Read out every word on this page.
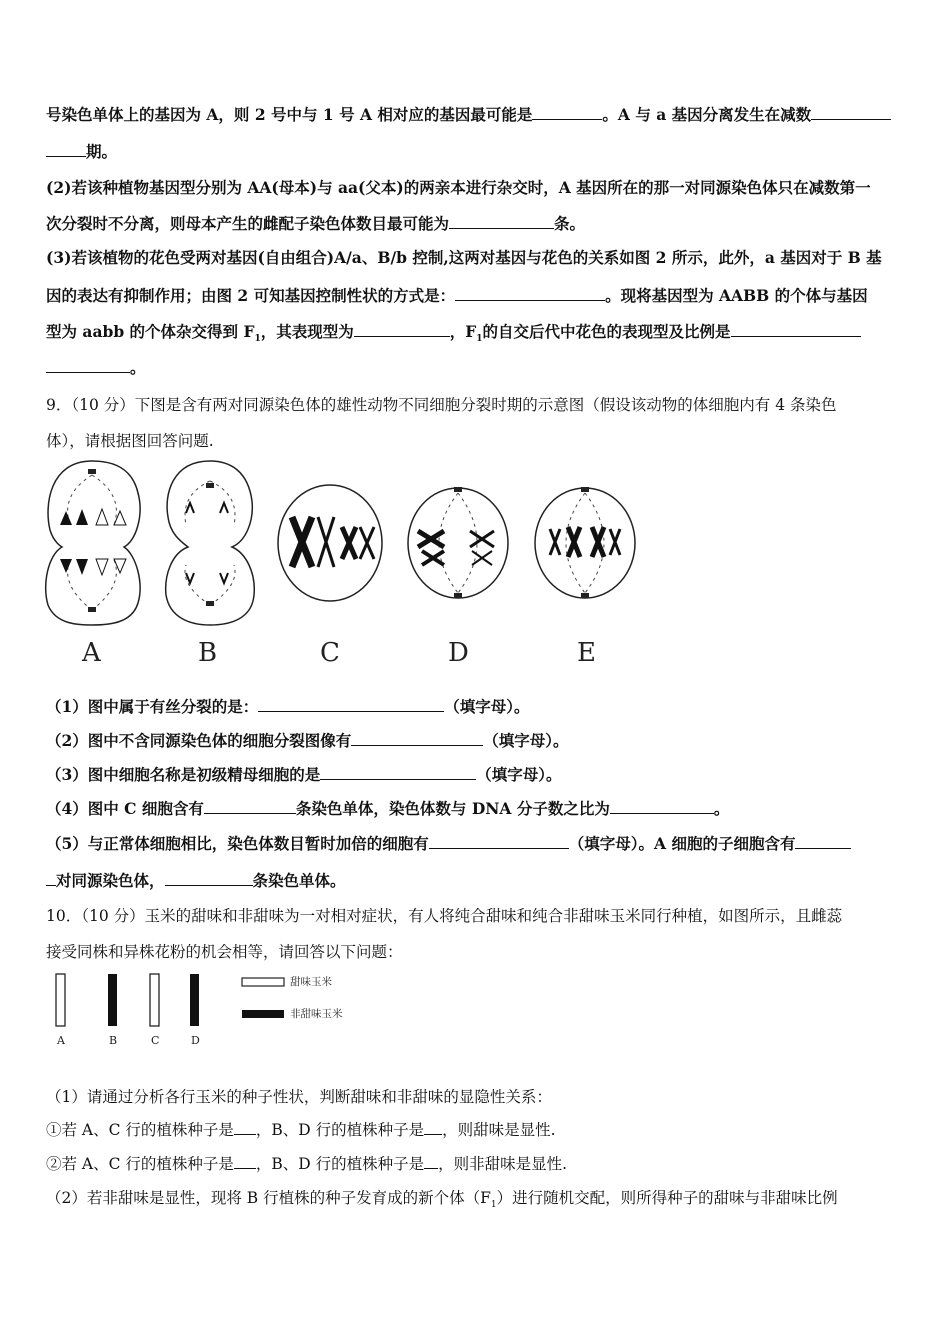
号染色单体上的基因为 A，则 2 号中与 1 号 A 相对应的基因最可能是	。A 与 a 基因分离发生在减数
期。
(2)若该种植物基因型分别为 AA(母本)与 aa(父本)的两亲本进行杂交时，A 基因所在的那一对同源染色体只在减数第一
次分裂时不分离，则母本产生的雌配子染色体数目最可能为	条。
(3)若该植物的花色受两对基因(自由组合)A/a、B/b 控制,这两对基因与花色的关系如图 2 所示，此外，a 基因对于 B 基
因的表达有抑制作用；由图 2 可知基因控制性状的方式是：	。现将基因型为 AABB 的个体与基因
型为 aabb 的个体杂交得到 $F_1$，其表现型为	，$F_1$的自交后代中花色的表现型及比例是
。
9．（10 分）下图是含有两对同源染色体的雄性动物不同细胞分裂时期的示意图（假设该动物的体细胞内有 4 条染色
体），请根据图回答问题.
A	B	C	D	E
（1）图中属于有丝分裂的是：	（填字母）。
（2）图中不含同源染色体的细胞分裂图像有	（填字母）。
（3）图中细胞名称是初级精母细胞的是	（填字母）。
（4）图中 C 细胞含有	条染色单体，染色体数与 DNA 分子数之比为	。
（5）与正常体细胞相比，染色体数目暂时加倍的细胞有	（填字母）。A 细胞的子细胞含有
对同源染色体，	条染色单体。
10．（10 分）玉米的甜味和非甜味为一对相对症状，有人将纯合甜味和纯合非甜味玉米同行种植，如图所示，且雌蕊
接受同株和异株花粉的机会相等，请回答以下问题：
甜味玉米
非甜味玉米
A	B	C	D
（1）请通过分析各行玉米的种子性状，判断甜味和非甜味的显隐性关系：
①若 A、C 行的植株种子是 ，B、D 行的植株种子是 ，则甜味是显性.
②若 A、C 行的植株种子是 ，B、D 行的植株种子是 ，则非甜味是显性.
（2）若非甜味是显性，现将 B 行植株的种子发育成的新个体$(F_1)$进行随机交配，则所得种子的甜味与非甜味比例
